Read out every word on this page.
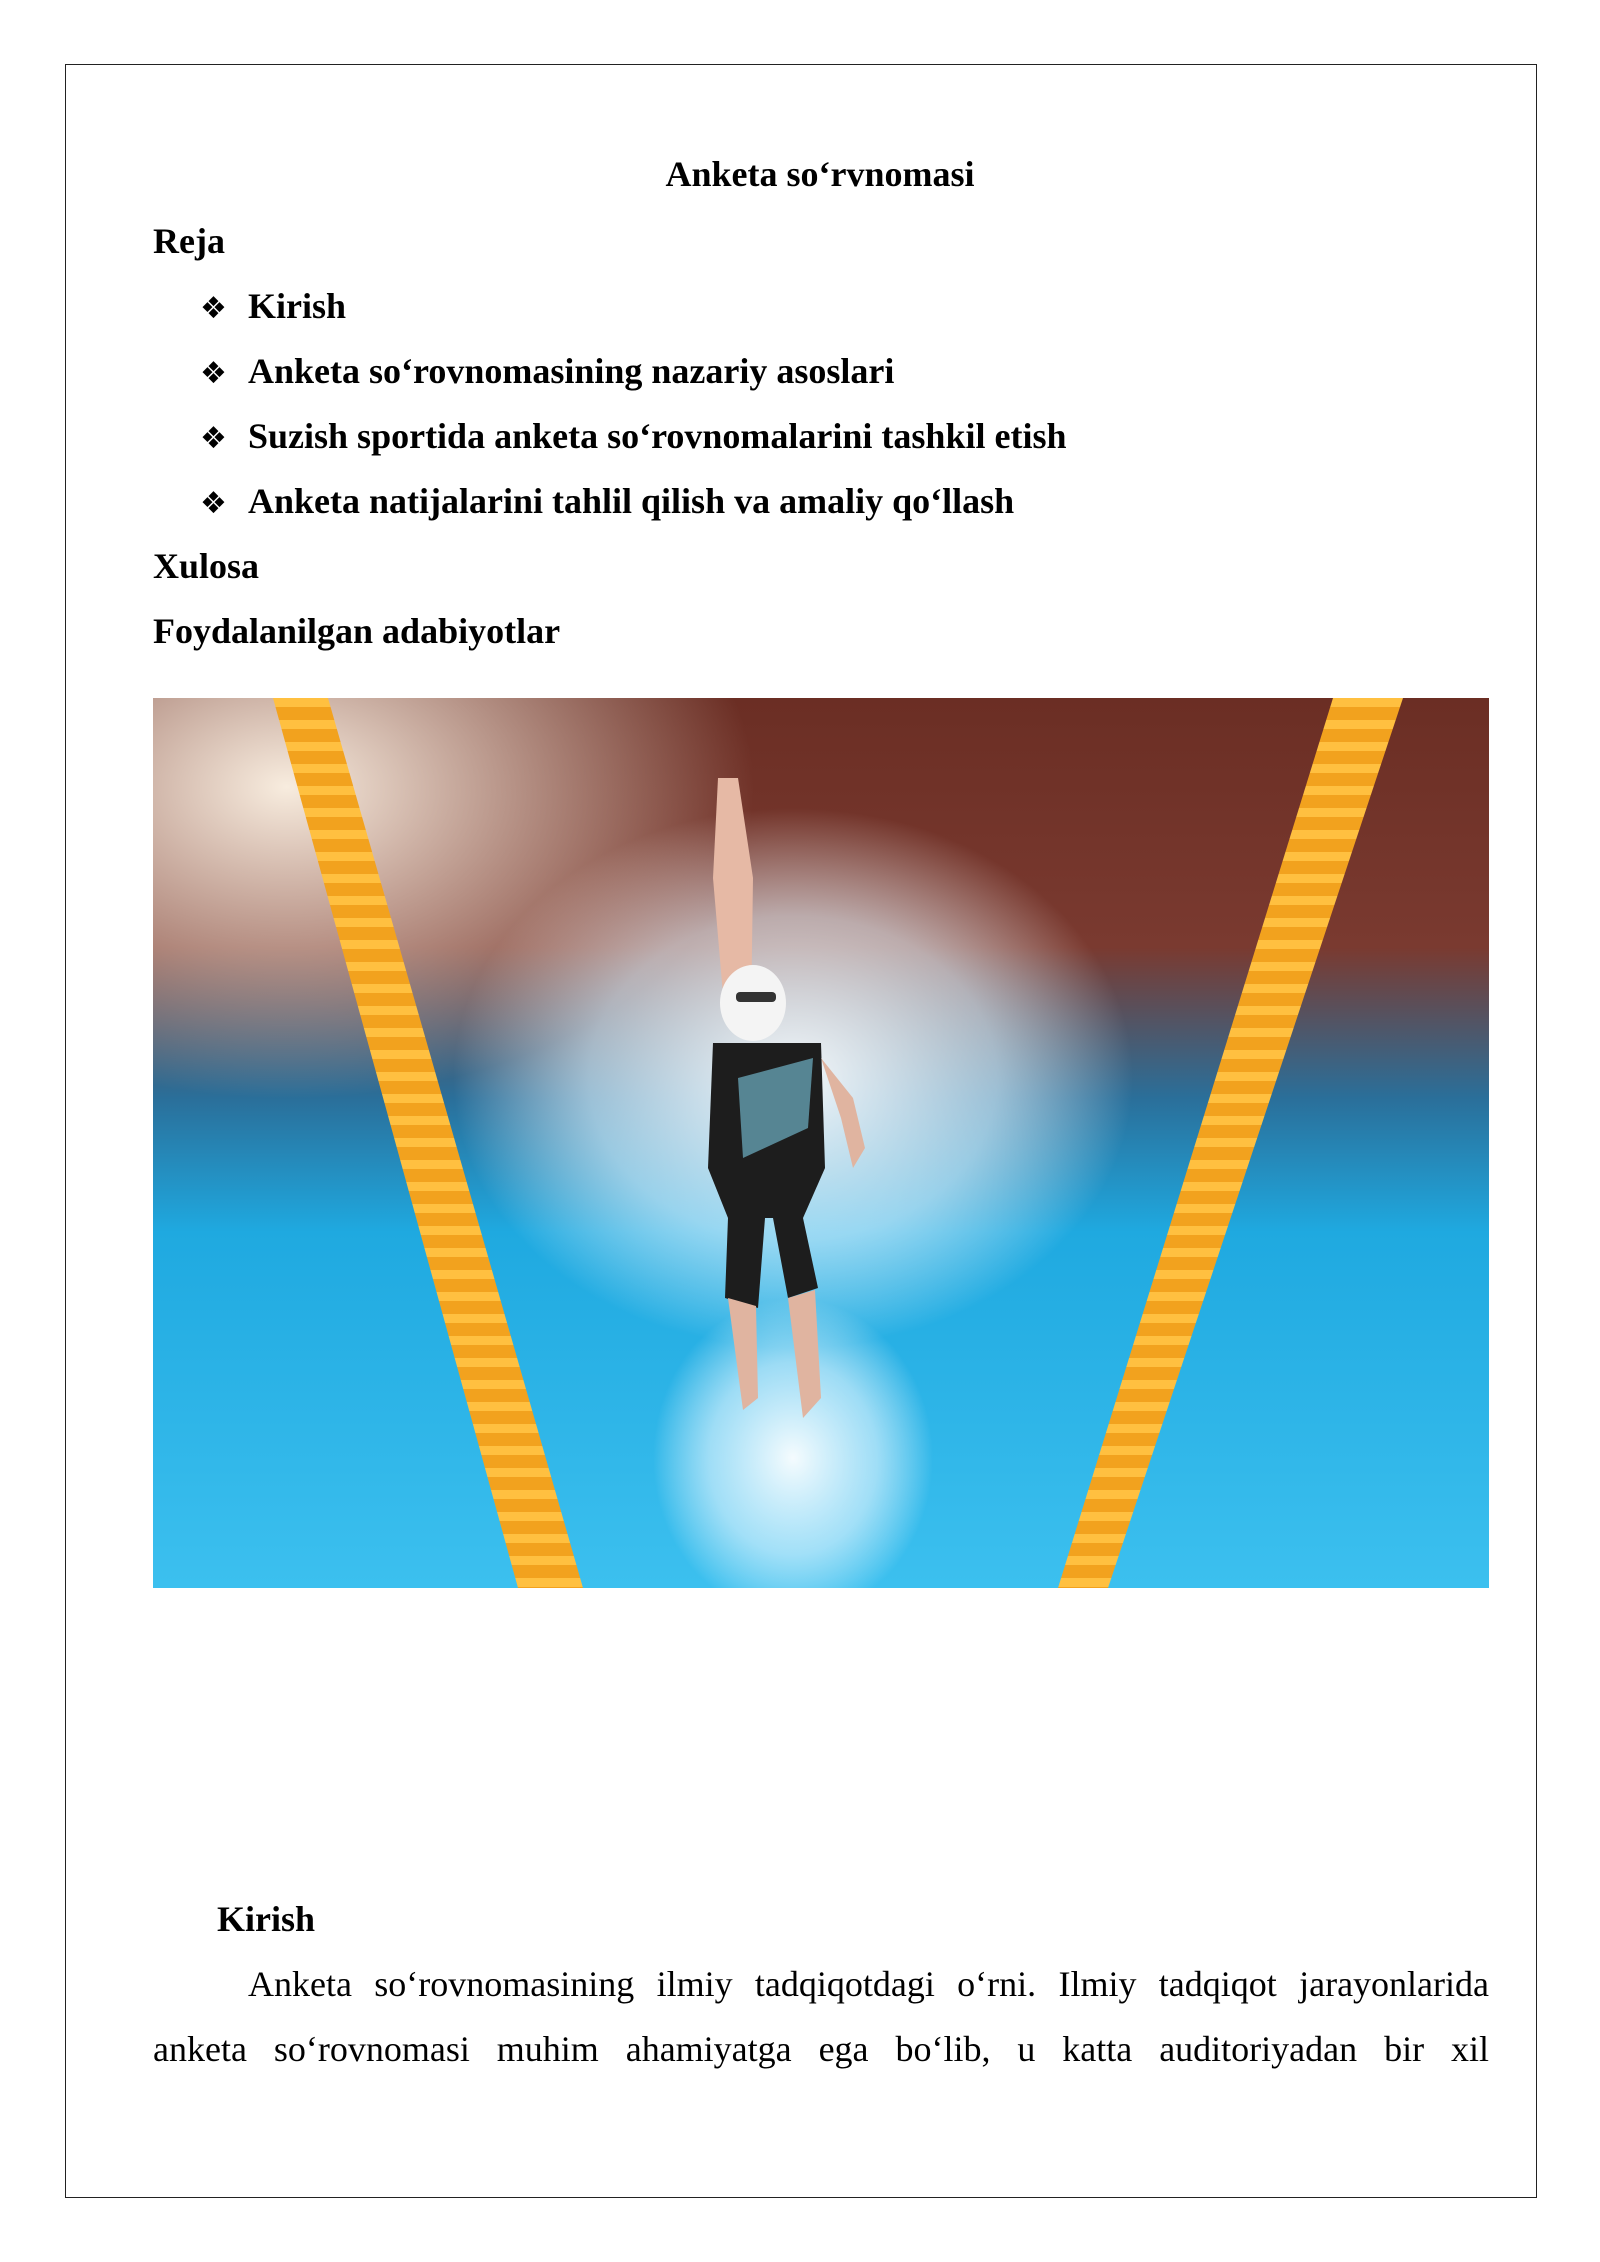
Anketa so‘rvnomasi
Reja
❖ Kirish
❖ Anketa so‘rovnomasining nazariy asoslari
❖ Suzish sportida anketa so‘rovnomalarini tashkil etish
❖ Anketa natijalarini tahlil qilish va amaliy qo‘llash
Xulosa
Foydalanilgan adabiyotlar
Kirish
Anketa so‘rovnomasining ilmiy tadqiqotdagi o‘rni. Ilmiy tadqiqot jarayonlarida
anketa so‘rovnomasi muhim ahamiyatga ega bo‘lib, u katta auditoriyadan bir xil
